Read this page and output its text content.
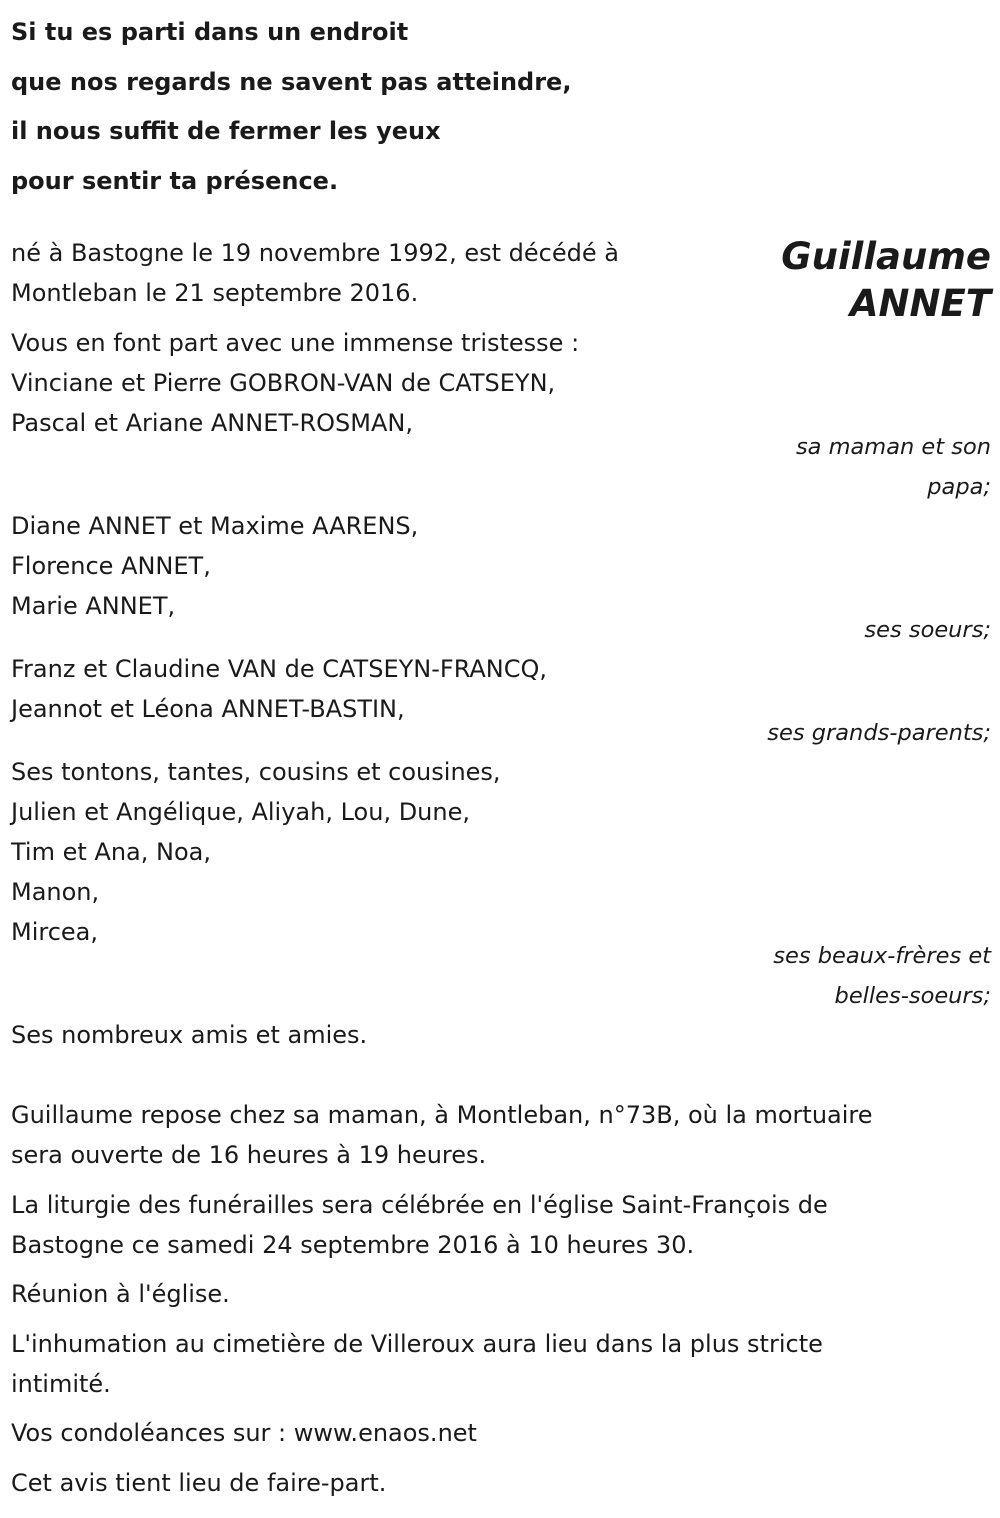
Si tu es parti dans un endroit
que nos regards ne savent pas atteindre,
il nous suffit de fermer les yeux
pour sentir ta présence.
Guillaume
ANNET
né à Bastogne le 19 novembre 1992, est décédé à
Montleban le 21 septembre 2016.
Vous en font part avec une immense tristesse :
Vinciane et Pierre GOBRON-VAN de CATSEYN,
Pascal et Ariane ANNET-ROSMAN,
sa maman et son
papa;
Diane ANNET et Maxime AARENS,
Florence ANNET,
Marie ANNET,
ses soeurs;
Franz et Claudine VAN de CATSEYN-FRANCQ,
Jeannot et Léona ANNET-BASTIN,
ses grands-parents;
Ses tontons, tantes, cousins et cousines,
Julien et Angélique, Aliyah, Lou, Dune,
Tim et Ana, Noa,
Manon,
Mircea,
ses beaux-frères et
belles-soeurs;
Ses nombreux amis et amies.
Guillaume repose chez sa maman, à Montleban, n°73B, où la mortuaire
sera ouverte de 16 heures à 19 heures.
La liturgie des funérailles sera célébrée en l'église Saint-François de
Bastogne ce samedi 24 septembre 2016 à 10 heures 30.
Réunion à l'église.
L'inhumation au cimetière de Villeroux aura lieu dans la plus stricte
intimité.
Vos condoléances sur : www.enaos.net
Cet avis tient lieu de faire-part.
